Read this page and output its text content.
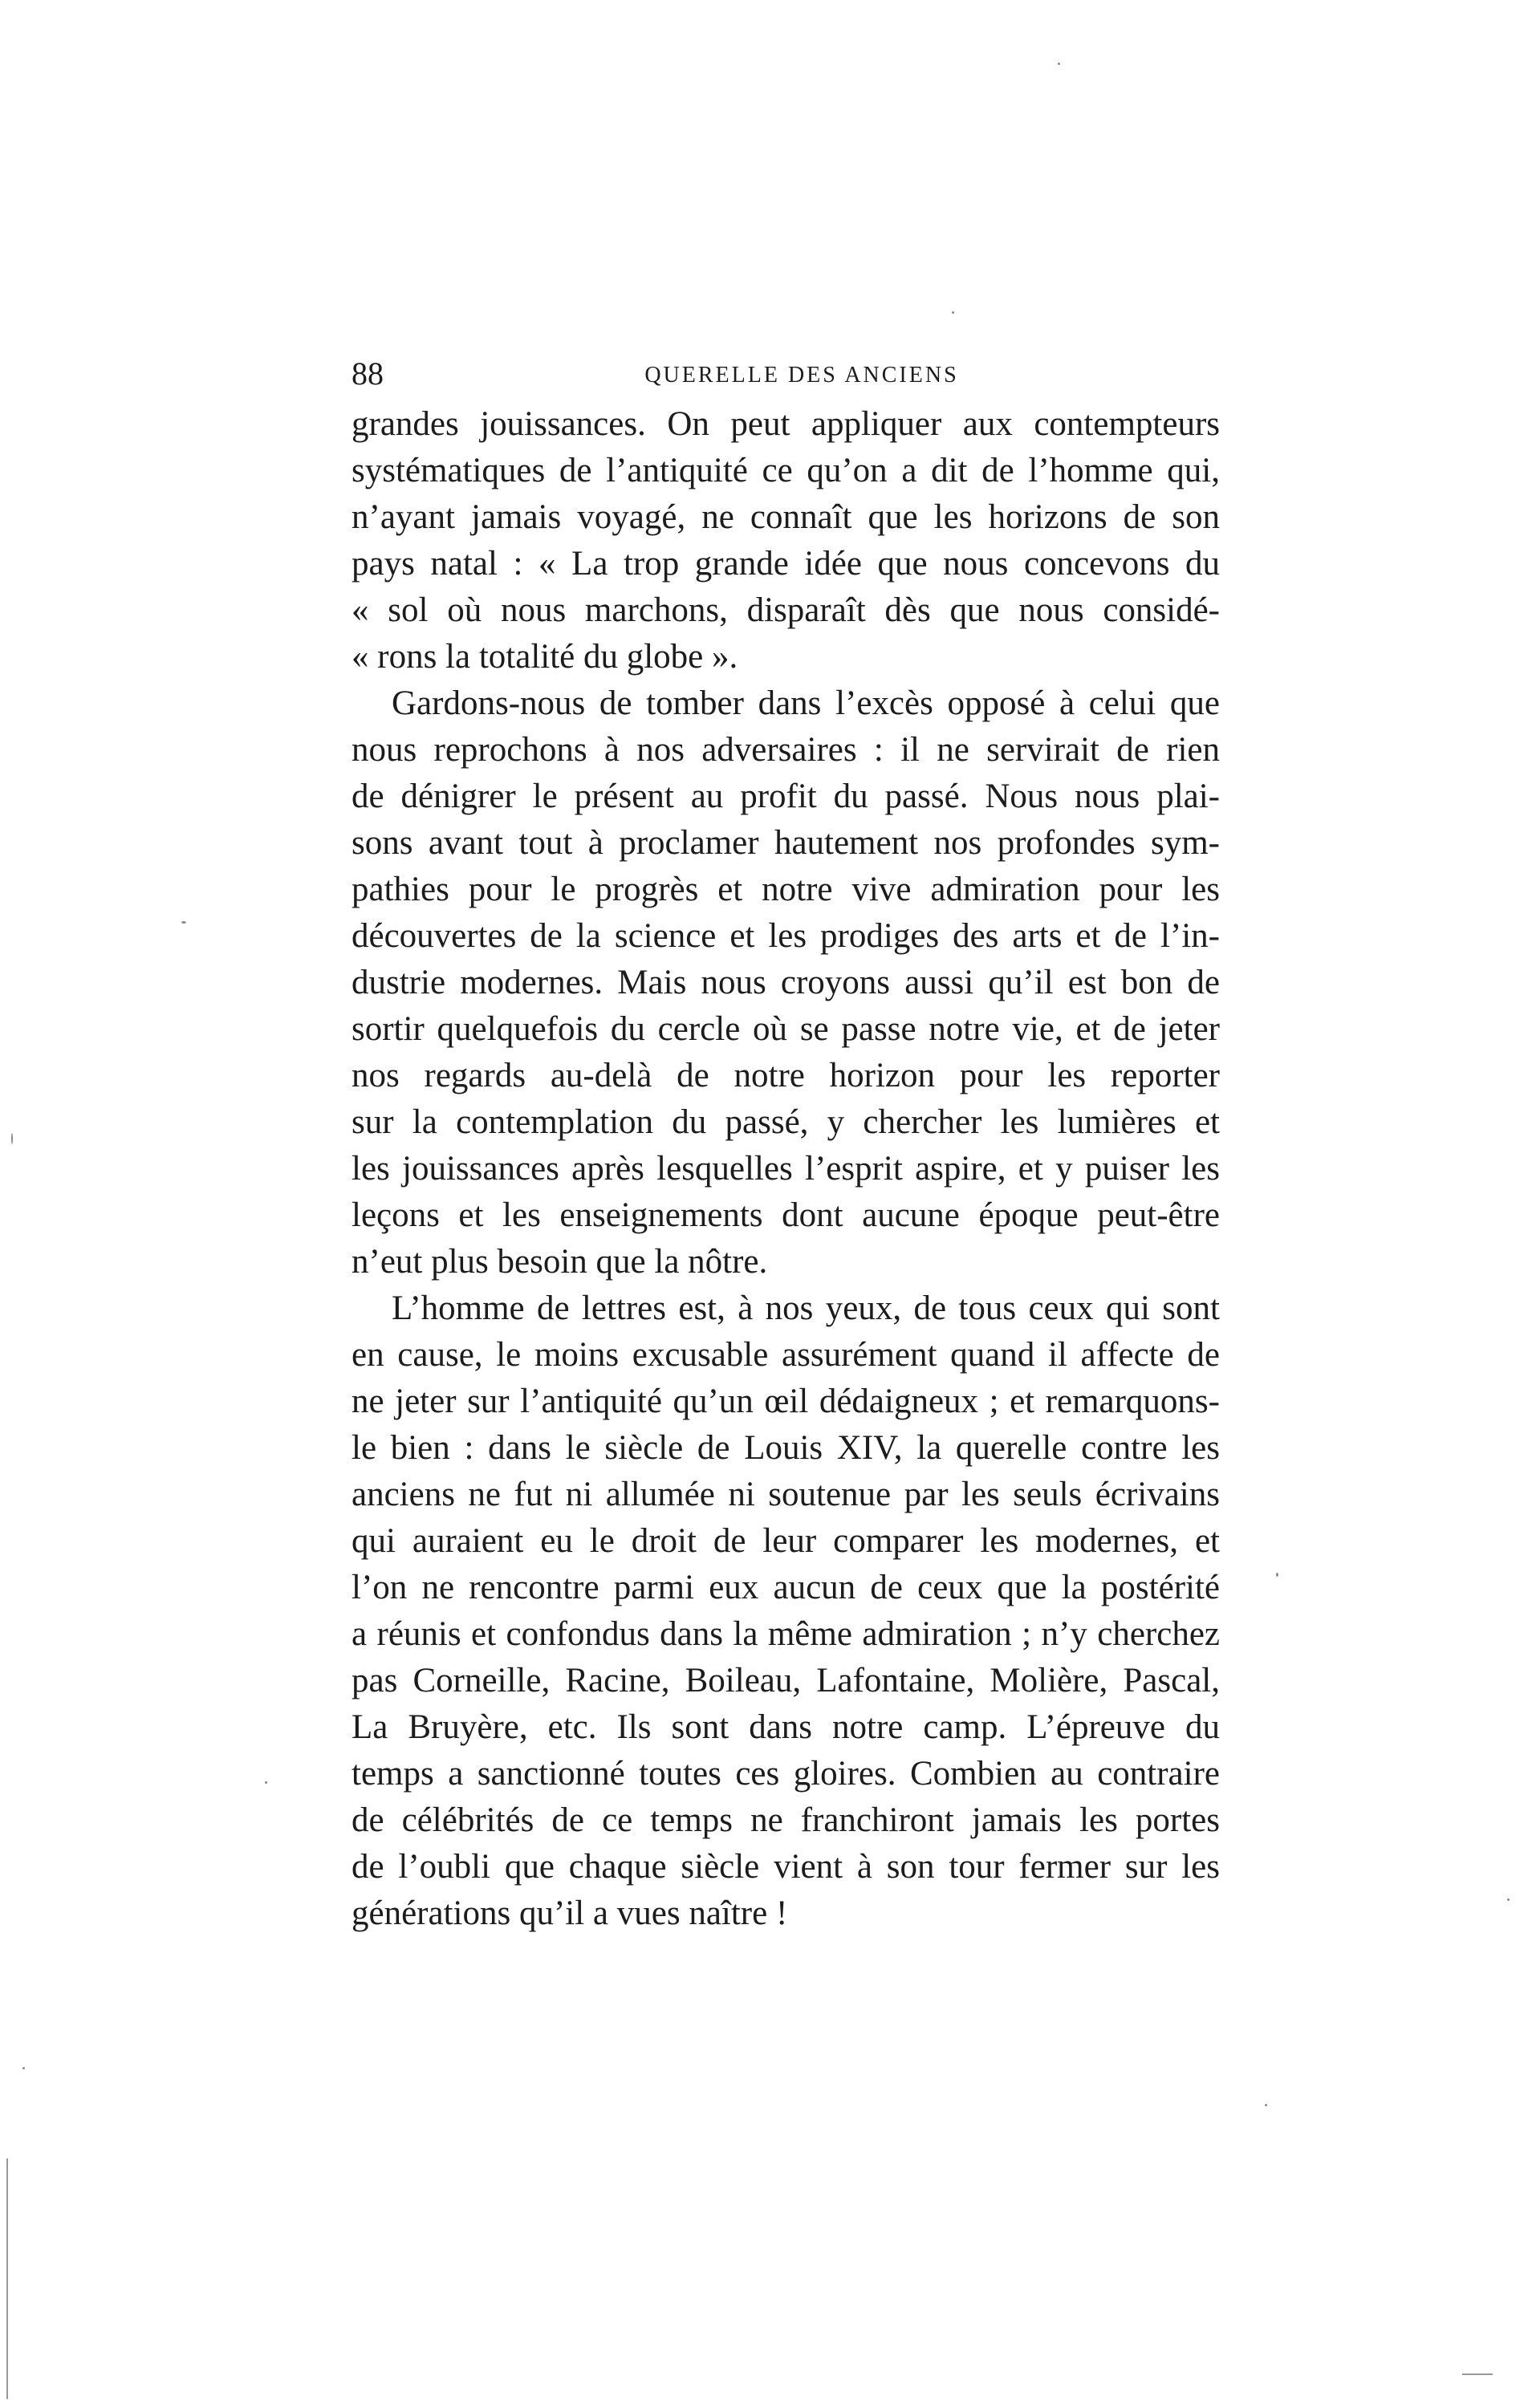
88	QUERELLE DES ANCIENS
grandes jouissances. On peut appliquer aux contempteurs
systématiques de l’antiquité ce qu’on a dit de l’homme qui,
n’ayant jamais voyagé, ne connaît que les horizons de son
pays natal : « La trop grande idée que nous concevons du
« sol où nous marchons, disparaît dès que nous considé-
« rons la totalité du globe ».
Gardons-nous de tomber dans l’excès opposé à celui que
nous reprochons à nos adversaires : il ne servirait de rien
de dénigrer le présent au profit du passé. Nous nous plai-
sons avant tout à proclamer hautement nos profondes sym-
pathies pour le progrès et notre vive admiration pour les
découvertes de la science et les prodiges des arts et de l’in-
dustrie modernes. Mais nous croyons aussi qu’il est bon de
sortir quelquefois du cercle où se passe notre vie, et de jeter
nos regards au-delà de notre horizon pour les reporter
sur la contemplation du passé, y chercher les lumières et
les jouissances après lesquelles l’esprit aspire, et y puiser les
leçons et les enseignements dont aucune époque peut-être
n’eut plus besoin que la nôtre.
L’homme de lettres est, à nos yeux, de tous ceux qui sont
en cause, le moins excusable assurément quand il affecte de
ne jeter sur l’antiquité qu’un œil dédaigneux ; et remarquons-
le bien : dans le siècle de Louis XIV, la querelle contre les
anciens ne fut ni allumée ni soutenue par les seuls écrivains
qui auraient eu le droit de leur comparer les modernes, et
l’on ne rencontre parmi eux aucun de ceux que la postérité
a réunis et confondus dans la même admiration ; n’y cherchez
pas Corneille, Racine, Boileau, Lafontaine, Molière, Pascal,
La Bruyère, etc. Ils sont dans notre camp. L’épreuve du
temps a sanctionné toutes ces gloires. Combien au contraire
de célébrités de ce temps ne franchiront jamais les portes
de l’oubli que chaque siècle vient à son tour fermer sur les
générations qu’il a vues naître !
